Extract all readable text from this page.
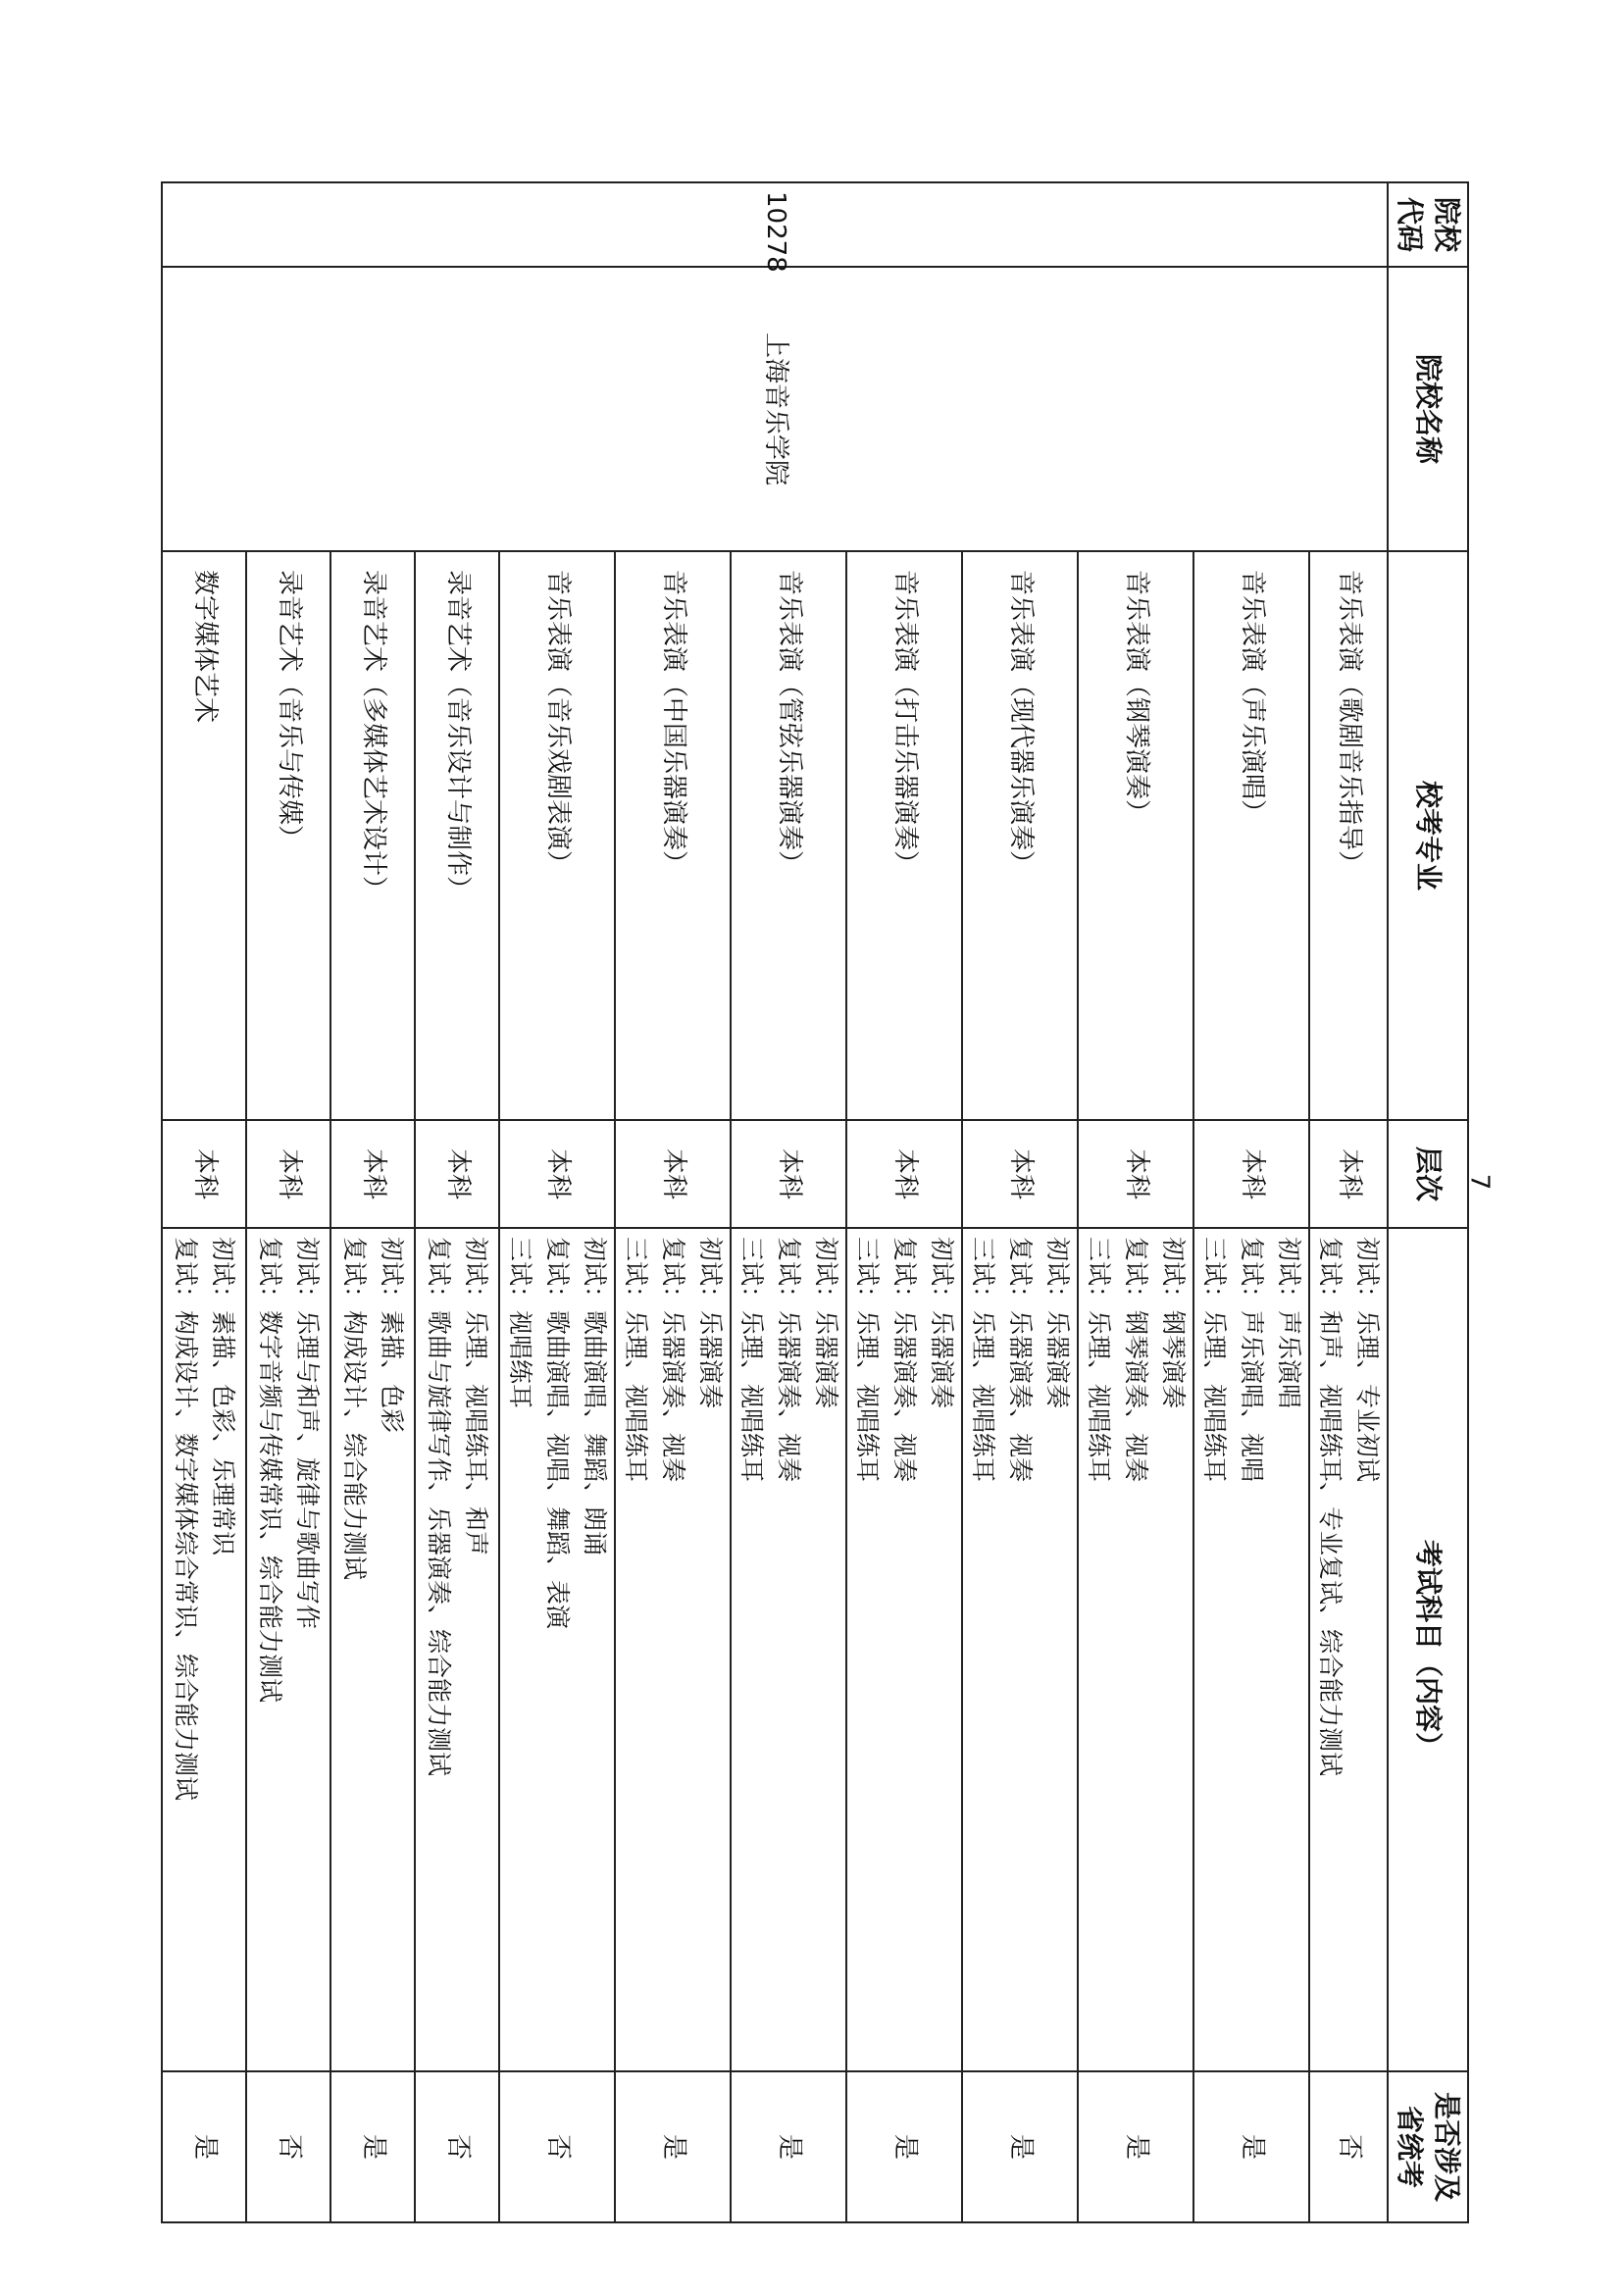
院校代码	院校名称	校考专业	层次	考试科目（内容）	是否涉及省统考
10278	上海音乐学院	音乐表演（歌剧音乐指导）	本科	初试：乐理、专业初试
复试：和声、视唱练耳、专业复试、综合能力测试	否
		音乐表演（声乐演唱）	本科	初试：声乐演唱
复试：声乐演唱、视唱
三试：乐理、视唱练耳	是
		音乐表演（钢琴演奏）	本科	初试：钢琴演奏
复试：钢琴演奏、视奏
三试：乐理、视唱练耳	是
		音乐表演（现代器乐演奏）	本科	初试：乐器演奏
复试：乐器演奏、视奏
三试：乐理、视唱练耳	是
		音乐表演（打击乐器演奏）	本科	初试：乐器演奏
复试：乐器演奏、视奏
三试：乐理、视唱练耳	是
		音乐表演（管弦乐器演奏）	本科	初试：乐器演奏
复试：乐器演奏、视奏
三试：乐理、视唱练耳	是
		音乐表演（中国乐器演奏）	本科	初试：乐器演奏
复试：乐器演奏、视奏
三试：乐理、视唱练耳	是
		音乐表演（音乐戏剧表演）	本科	初试：歌曲演唱、舞蹈、朗诵
复试：歌曲演唱、视唱、舞蹈、表演
三试：视唱练耳	否
		录音艺术（音乐设计与制作）	本科	初试：乐理、视唱练耳、和声
复试：歌曲与旋律写作、乐器演奏、综合能力测试	否
		录音艺术（多媒体艺术设计）	本科	初试：素描、色彩
复试：构成设计、综合能力测试	是
		录音艺术（音乐与传媒）	本科	初试：乐理与和声、旋律与歌曲写作
复试：数字音频与传媒常识、综合能力测试	否
		数字媒体艺术	本科	初试：素描、色彩、乐理常识
复试：构成设计、数字媒体综合常识、综合能力测试	是
7
